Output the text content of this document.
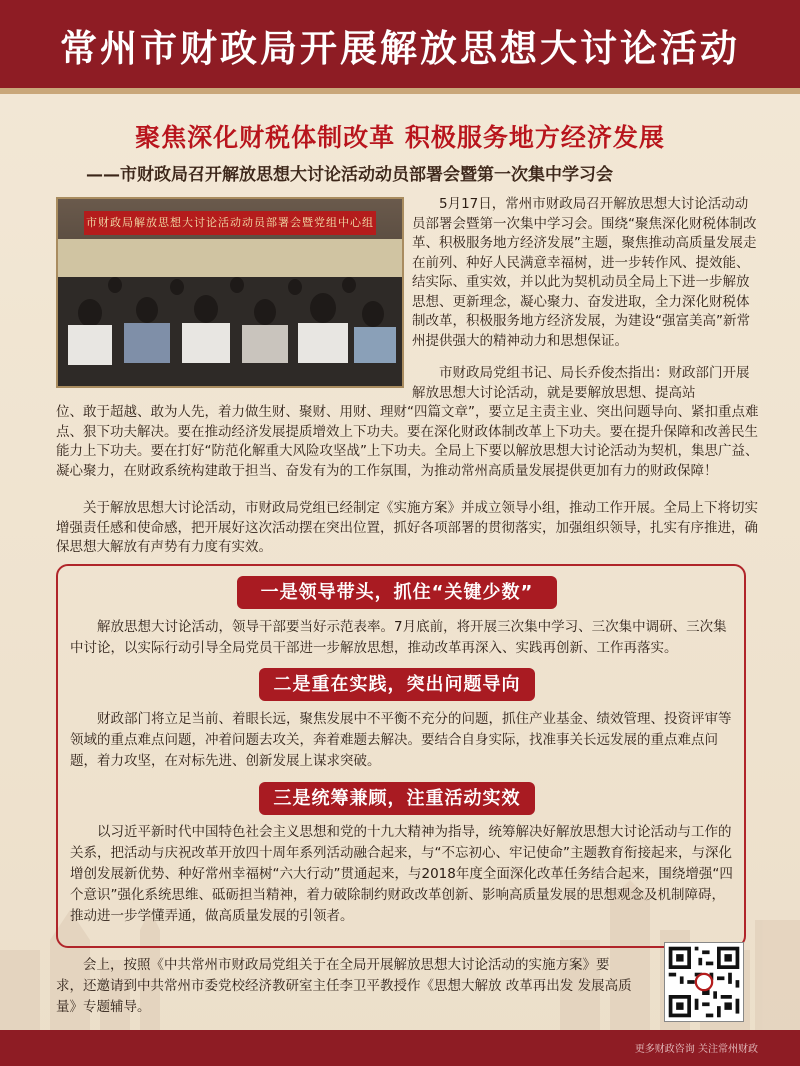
常州市财政局开展解放思想大讨论活动
聚焦深化财税体制改革 积极服务地方经济发展
——市财政局召开解放思想大讨论活动动员部署会暨第一次集中学习会
市财政局解放思想大讨论活动动员部署会暨党组中心组
5月17日，常州市财政局召开解放思想大讨论活动动员部署会暨第一次集中学习会。围绕“聚焦深化财税体制改革、积极服务地方经济发展”主题，聚焦推动高质量发展走在前列、种好人民满意幸福树，进一步转作风、提效能、结实际、重实效，并以此为契机动员全局上下进一步解放思想、更新理念，凝心聚力、奋发进取，全力深化财税体制改革，积极服务地方经济发展，为建设“强富美高”新常州提供强大的精神动力和思想保证。
市财政局党组书记、局长乔俊杰指出：财政部门开展解放思想大讨论活动，就是要解放思想、提高站
位、敢于超越、敢为人先，着力做生财、聚财、用财、理财“四篇文章”，要立足主责主业、突出问题导向、紧扣重点难点、狠下功夫解决。要在推动经济发展提质增效上下功夫。要在深化财政体制改革上下功夫。要在提升保障和改善民生能力上下功夫。要在打好“防范化解重大风险攻坚战”上下功夫。全局上下要以解放思想大讨论活动为契机，集思广益、凝心聚力，在财政系统构建敢于担当、奋发有为的工作氛围，为推动常州高质量发展提供更加有力的财政保障！
关于解放思想大讨论活动，市财政局党组已经制定《实施方案》并成立领导小组，推动工作开展。全局上下将切实增强责任感和使命感，把开展好这次活动摆在突出位置，抓好各项部署的贯彻落实，加强组织领导，扎实有序推进，确保思想大解放有声势有力度有实效。
一是领导带头，抓住“关键少数”
解放思想大讨论活动，领导干部要当好示范表率。7月底前，将开展三次集中学习、三次集中调研、三次集中讨论，以实际行动引导全局党员干部进一步解放思想，推动改革再深入、实践再创新、工作再落实。
二是重在实践，突出问题导向
财政部门将立足当前、着眼长远，聚焦发展中不平衡不充分的问题，抓住产业基金、绩效管理、投资评审等领域的重点难点问题，冲着问题去攻关，奔着难题去解决。要结合自身实际，找准事关长远发展的重点难点问题，着力攻坚，在对标先进、创新发展上谋求突破。
三是统筹兼顾，注重活动实效
以习近平新时代中国特色社会主义思想和党的十九大精神为指导，统筹解决好解放思想大讨论活动与工作的关系，把活动与庆祝改革开放四十周年系列活动融合起来，与“不忘初心、牢记使命”主题教育衔接起来，与深化增创发展新优势、种好常州幸福树“六大行动”贯通起来，与2018年度全面深化改革任务结合起来，围绕增强“四个意识”强化系统思维、砥砺担当精神，着力破除制约财政改革创新、影响高质量发展的思想观念及机制障碍，推动进一步学懂弄通，做高质量发展的引领者。
会上，按照《中共常州市财政局党组关于在全局开展解放思想大讨论活动的实施方案》要求，还邀请到中共常州市委党校经济教研室主任李卫平教授作《思想大解放 改革再出发 发展高质量》专题辅导。
更多财政咨询 关注常州财政
